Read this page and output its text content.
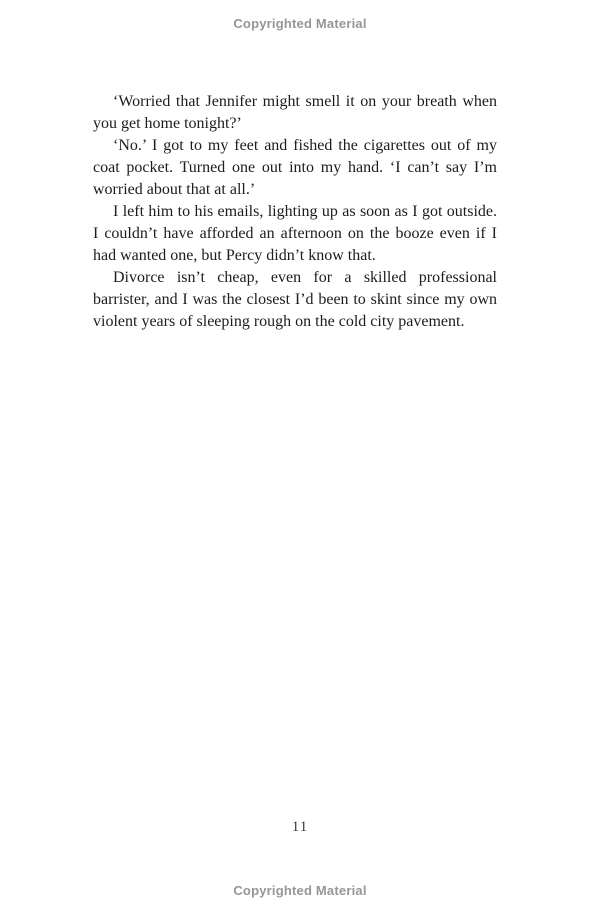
Copyrighted Material

‘Worried that Jennifer might smell it on your breath when you get home tonight?’

‘No.’ I got to my feet and fished the cigarettes out of my coat pocket. Turned one out into my hand. ‘I can’t say I’m worried about that at all.’

I left him to his emails, lighting up as soon as I got outside. I couldn’t have afforded an afternoon on the booze even if I had wanted one, but Percy didn’t know that.

Divorce isn’t cheap, even for a skilled professional barrister, and I was the closest I’d been to skint since my own violent years of sleeping rough on the cold city pavement.

11
Copyrighted Material
